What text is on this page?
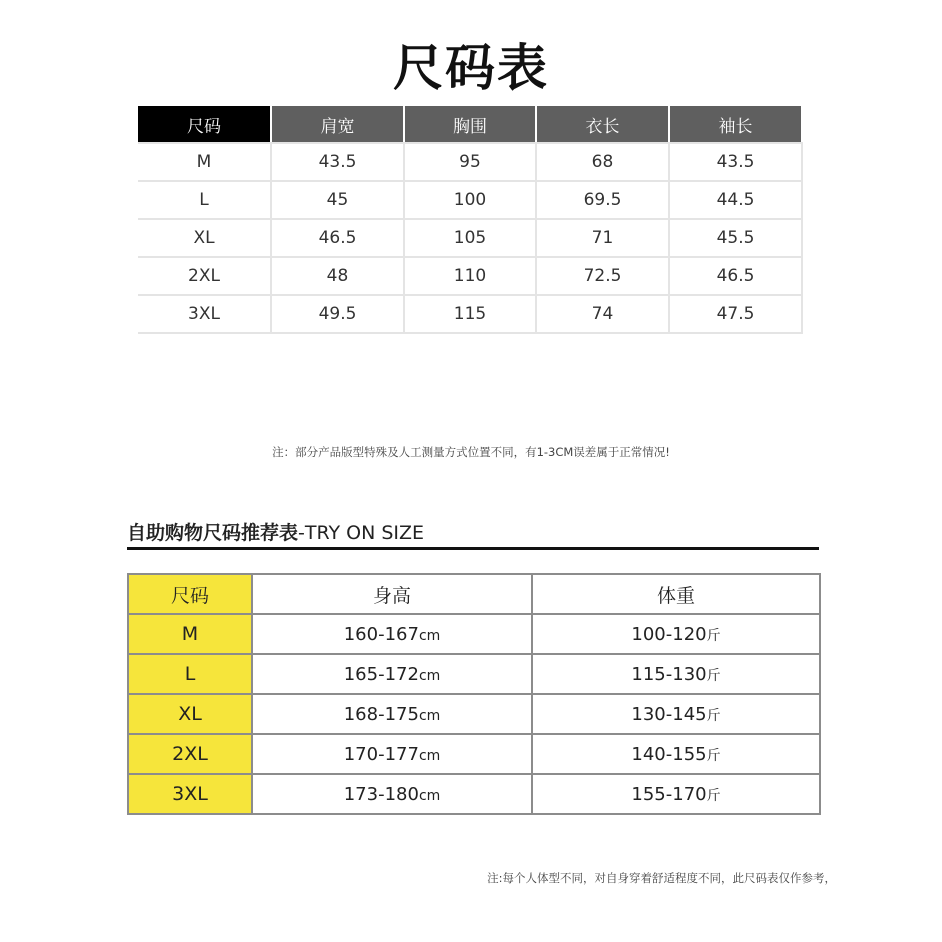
尺码表
尺码	肩宽	胸围	衣长	袖长
M	43.5	95	68	43.5
L	45	100	69.5	44.5
XL	46.5	105	71	45.5
2XL	48	110	72.5	46.5
3XL	49.5	115	74	47.5
注：部分产品版型特殊及人工测量方式位置不同，有1-3CM误差属于正常情况!
自助购物尺码推荐表-TRY ON SIZE
尺码	身高	体重
M	160-167cm	100-120斤
L	165-172cm	115-130斤
XL	168-175cm	130-145斤
2XL	170-177cm	140-155斤
3XL	173-180cm	155-170斤
注:每个人体型不同，对自身穿着舒适程度不同，此尺码表仅作参考，
